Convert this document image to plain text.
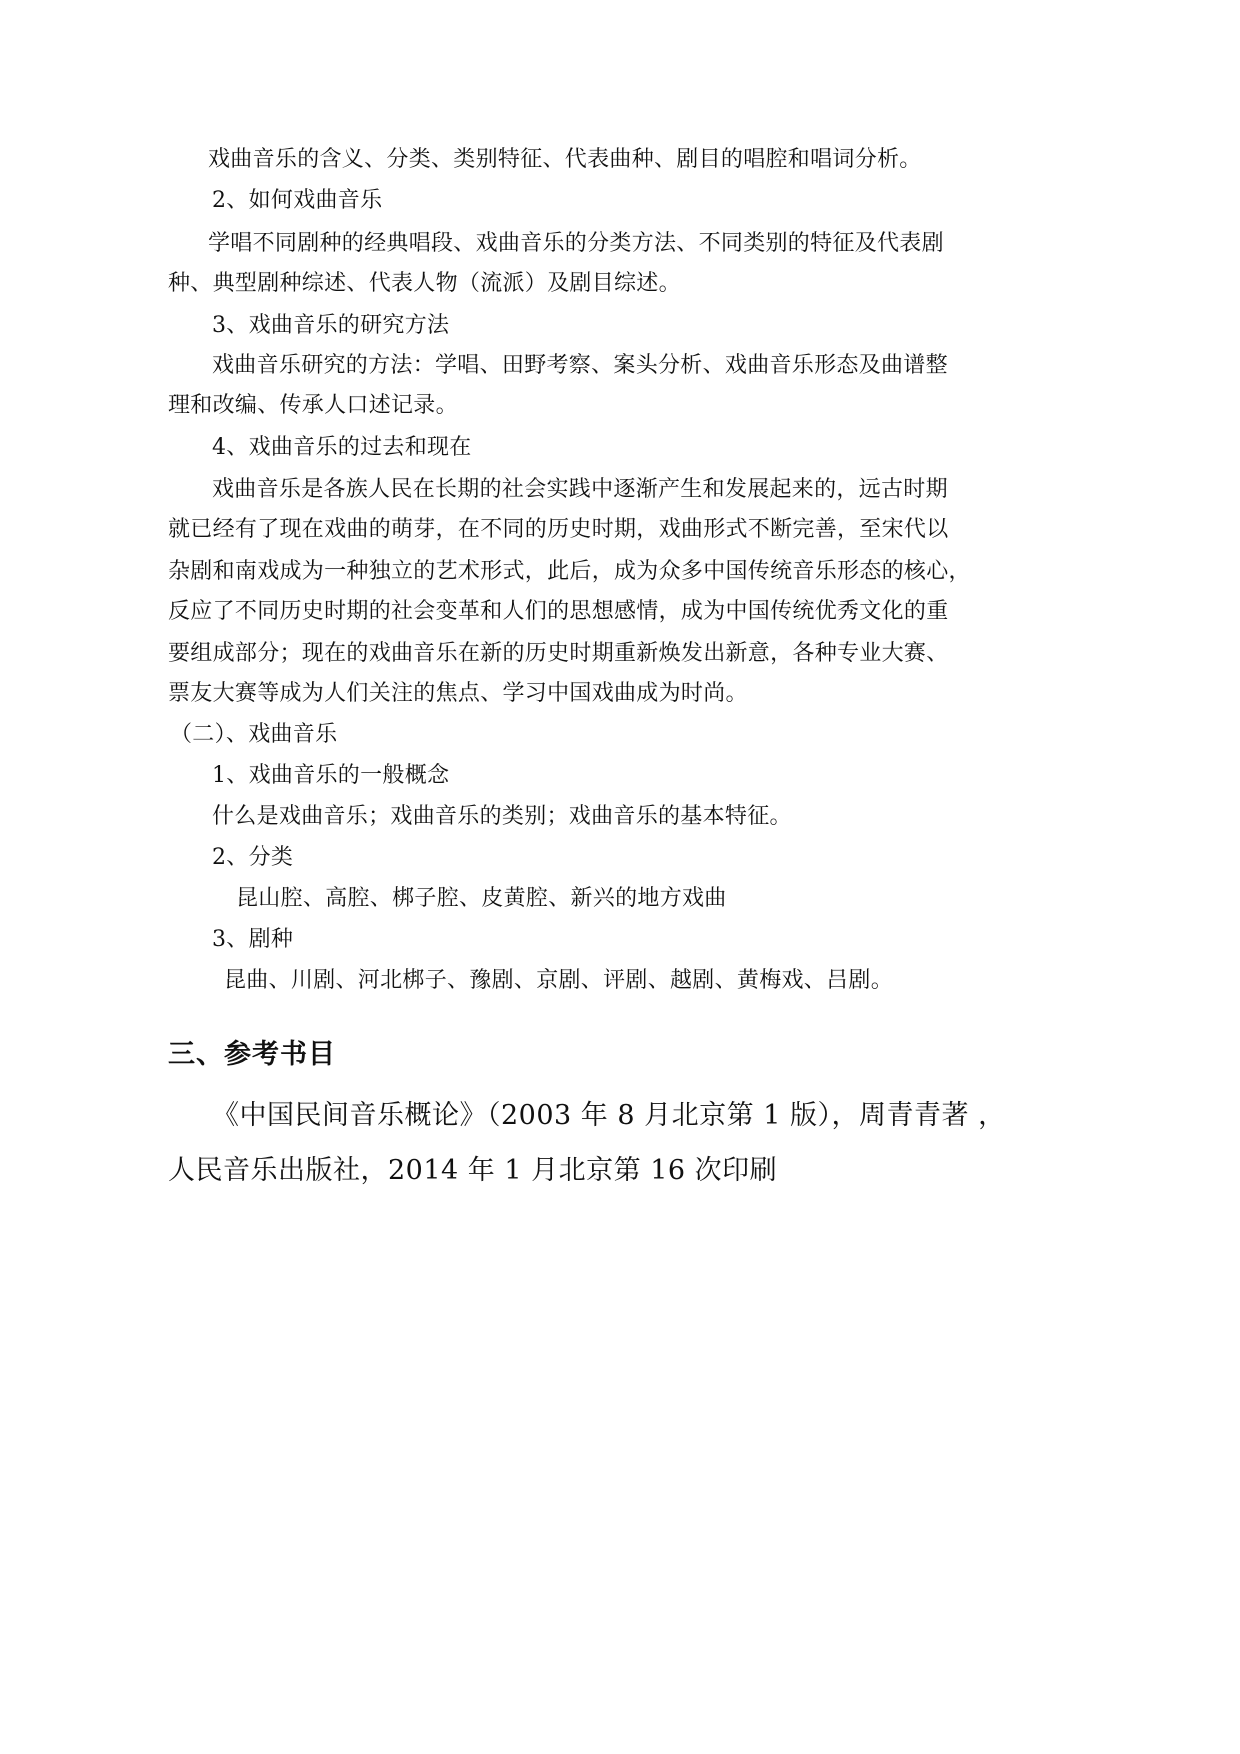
戏曲音乐的含义、分类、类别特征、代表曲种、剧目的唱腔和唱词分析。
2、如何戏曲音乐
学唱不同剧种的经典唱段、戏曲音乐的分类方法、不同类别的特征及代表剧
种、典型剧种综述、代表人物（流派）及剧目综述。
3、戏曲音乐的研究方法
戏曲音乐研究的方法：学唱、田野考察、案头分析、戏曲音乐形态及曲谱整
理和改编、传承人口述记录。
4、戏曲音乐的过去和现在
戏曲音乐是各族人民在长期的社会实践中逐渐产生和发展起来的，远古时期
就已经有了现在戏曲的萌芽，在不同的历史时期，戏曲形式不断完善，至宋代以
杂剧和南戏成为一种独立的艺术形式，此后，成为众多中国传统音乐形态的核心，
反应了不同历史时期的社会变革和人们的思想感情，成为中国传统优秀文化的重
要组成部分；现在的戏曲音乐在新的历史时期重新焕发出新意，各种专业大赛、
票友大赛等成为人们关注的焦点、学习中国戏曲成为时尚。
（二）、戏曲音乐
1、戏曲音乐的一般概念
什么是戏曲音乐；戏曲音乐的类别；戏曲音乐的基本特征。
2、分类
昆山腔、高腔、梆子腔、皮黄腔、新兴的地方戏曲
3、剧种
昆曲、川剧、河北梆子、豫剧、京剧、评剧、越剧、黄梅戏、吕剧。
三、参考书目
《中国民间音乐概论》（2003 年 8 月北京第 1 版），周青青著 ，
人民音乐出版社，2014 年 1 月北京第 16 次印刷
